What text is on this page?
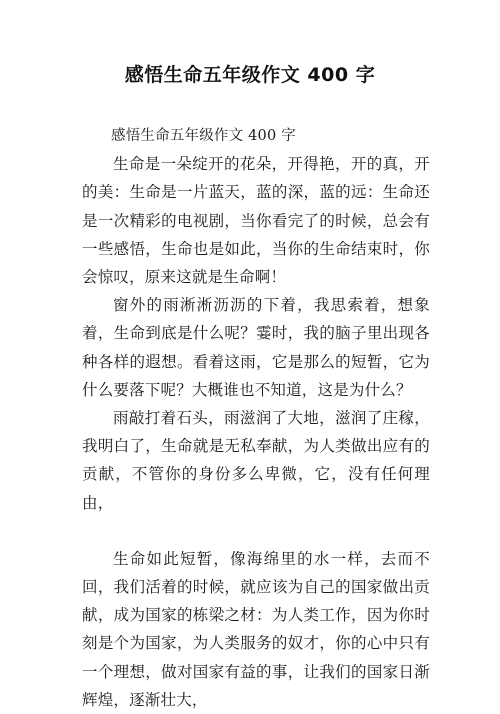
感悟生命五年级作文 400 字

感悟生命五年级作文 400 字

生命是一朵绽开的花朵，开得艳，开的真，开的美：生命是一片蓝天，蓝的深，蓝的远：生命还是一次精彩的电视剧，当你看完了的时候，总会有一些感悟，生命也是如此，当你的生命结束时，你会惊叹，原来这就是生命啊！

窗外的雨淅淅沥沥的下着，我思索着，想象着，生命到底是什么呢？霎时，我的脑子里出现各种各样的遐想。看着这雨，它是那么的短暂，它为什么要落下呢？大概谁也不知道，这是为什么？

雨敲打着石头，雨滋润了大地，滋润了庄稼，我明白了，生命就是无私奉献，为人类做出应有的贡献，不管你的身份多么卑微，它，没有任何理由，

生命如此短暂，像海绵里的水一样，去而不回，我们活着的时候，就应该为自己的国家做出贡献，成为国家的栋梁之材：为人类工作，因为你时刻是个为国家，为人类服务的奴才，你的心中只有一个理想，做对国家有益的事，让我们的国家日渐辉煌，逐渐壮大，
